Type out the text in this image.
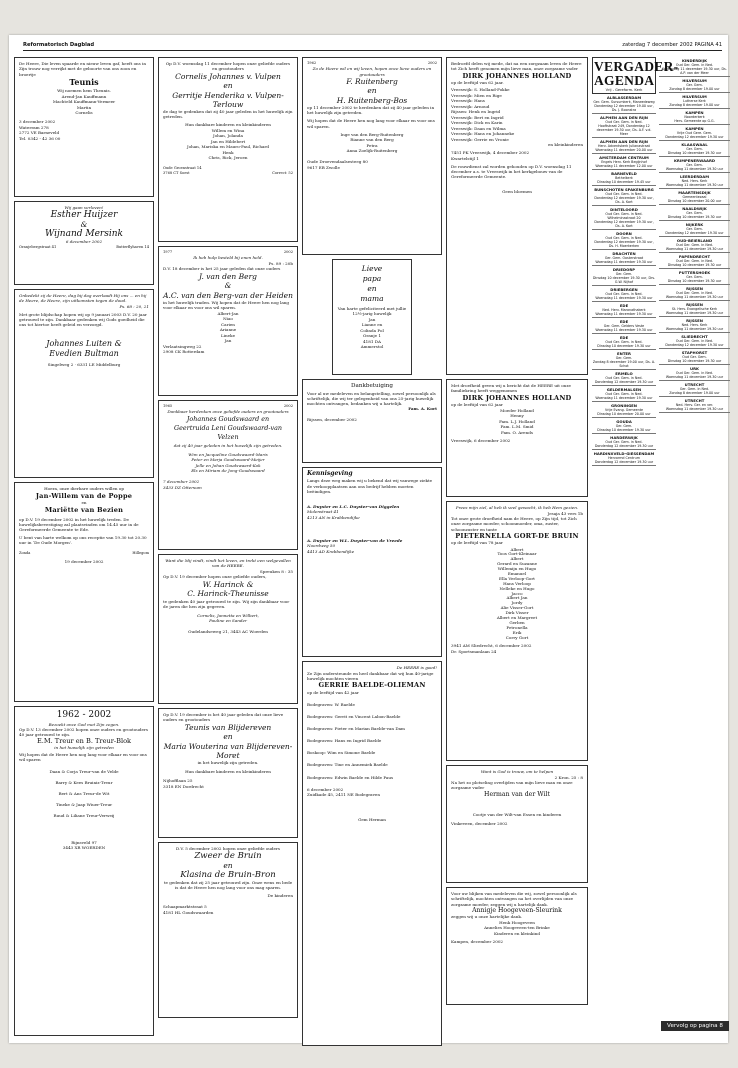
Reformatorisch Dagblad	zaterdag 7 december 2002 PAGINA 41

De Heere, Die leven spaarde en nieuw leven gaf, heeft ons in Zijn trouw nog verrijkt met de geboorte van ons zoon en broertje

Teunis

Wij noemen hem Theunis.

Arend-Jan Kauffmann

Machteld Kauffmann-Vermeer

Martin

Cornelis

3 december 2002

Waterram 278

2772 VE Barneveld

Tel. 0342 - 42 36 00

Wij gaan verloven!

Esther Huijzer

&

Wijnand Mersink

6 december 2002

Oranjebergstraat 41	Butterflyhaven 14

Onbedekt zij de Heere, dag bij dag overlaadt Hij ons ... en hij de Heere, de Heere, zijn uitkomsten tegen de dood.

Ps. 68 : 20, 21

Met grote blijdschap hopen wij op 9 januari 2003 D.V. 20 jaar getrouwd te zijn. Dankbaar gedenken wij Gods goedheid die ons tot hiertoe heeft geleid en verzorgd.

Johannes Luiten &

Evedien Bultman

Singelweg 2 · 6331 LE Middelburg

Hoera, onze dierbare ouders willen op

Jan-Willem van de Poppe

en

Mariëtte van Bezien

op D.V. 19 december 2002 in het huwelijk treden. De huwelijksbevestiging zal plaatsvinden om 14.45 uur in de Gereformeerde Gemeente te Ede.

U bent van harte welkom op ons receptie van 19.30 tot 20.30 uur in ‘De Oude Morgen’.

Zonda	Hillegom

19 december 2002

1962 - 2002

Bezoekt onze God met Zijn zegen.

Op D.V. 13 december 2002 hopen onze ouders en grootouders 40 jaar getrouwd te zijn.

E.M. Treur en B. Treur-Blok

in het huwelijk zijn getreden

Wij hopen dat de Heere hen nog lang voor elkaar en voor ons wil sparen

Daan & Corja Treur-van de Velde

Barry & Kees Bruiniz-Treur

Bert & Ans Treur-de Wit

Tineke & Jaap Wiuer-Treur

Ruud & Liliane Treur-Verweij

Rijnsveld 97

3443 XR WOERDEN

Op D.V. woensdag 11 december hopen onze geliefde ouders en grootouders

Cornelis Johannes v. Vulpen

en

Gerritje Henderika v. Vulpen-Terlouw

de dag te gedenken dat zij 40 jaar geleden in het huwelijk zijn getreden.

Hun dankbare kinderen en kleinkinderen

Willem en Wina

Johan, Jolanda

Jan en Hildebert

Johan, Mariska en Mauro-Paul, Richard

Henk

Chris, Rick, Jeroen

Oude Groenstraat 14
3768 CT Soest	Correct: 52
1977	2002

Ik heb hulp besteld bij enen held.

Ps. 89 : 20b

D.V. 18 december is het 25 jaar geleden dat onze ouders

J. van den Berg

&

A.C. van den Berg-van der Heiden

in het huwelijk traden. Wij hopen dat de Heere hen nog lang voor elkaar en voor ons wil sparen.

Albert-Jan

Niao

Carien

Arianne

Lineke

Jan

Verlaatsingweg 22

2908 CK Rotterdam

1965	2002

Dankbaar herdenken onze geliefde ouders en grootouders

Johannes Goudswaard en

Geertruida Leni Goudswaard-van Velzen

dat zij 40 jaar geleden in het huwelijk zijn getreden.

Wim en Jacqueline Goudswaard-Maris

Peter en Marja Goudswaard-Meijer

Jelle en Johan Goudswaard-Kok

Els en Miriam de Jong-Goudswaard

7 december 2002

3433 DZ Ottersum

Want die Mij vindt, vindt het leven, en trekt een welgevallen van de HEERE.

Spreuken 8 : 35

Op D.V. 19 december hopen onze geliefde ouders,

W. Harinck &

C. Harinck-Theunisse

te gedenken 40 jaar getrouwd te zijn. Wij zijn dankbaar voor de jaren die hen zijn gegeven.

Cornelis, Jannetta en Wilbert,

Pauline en Sander

Oudelandseweg 21, 3443 AC Woerden

Op D.V. 19 december is het 40 jaar geleden dat onze lieve ouders en grootouders

Teunis van Blijdereven

en

Maria Wouterina van Blijdereven-Moret

in het huwelijk zijn getreden.

Hun dankbare kinderen en kleinkinderen

Nijhofflaan 25

3318 EN Dordrecht

D.V. 5 december 2002 hopen onze geliefde ouders

Zweer de Bruin

en

Klasina de Bruin-Bron

te gedenken dat zij 25 jaar getrouwd zijn. Onze wens en bede is dat de Heere hen nog lang voor ons mag sparen.

De kinderen

Schaapmarktstraat 5

4181 HL Goudswaarden

1962	2002

Zo de Heere wil en wij leven, hopen onze lieve ouders en grootouders

F. Ruitenberg

en

H. Ruitenberg-Bos

op 11 december 2002 te herdenken dat zij 40 jaar geleden in het huwelijk zijn getreden.

Wij hopen dat de Heere hen nog lang voor elkaar en voor ons wil sparen.

Inge van den Berg-Ruitenberg

Rianne van den Berg

Petra

Anna Zoelijk-Ruitenberg

Oude Droevendaalsesteeg 80

9617 EB Zwolle

Lieve

papa

en

mama

Van harte gefeliciteerd met jullie 12½-jarig huwelijk

Jan

Lianne en

Colinda Pol

Oranje 1

4181 DA

Ammerstol

Dankbetuiging

Voor al uw medeleven en belangstelling, zowel persoonlijk als schriftelijk, die wij ter gelegenheid van ons 25-jarig huwelijk mochten ontvangen, bedanken wij u hartelijk.

Fam. A. Kort

Rijssen, december 2002

Kennisgeving

Langs deze weg maken wij u bekend dat wij vanwege ziekte de verkoopplaatsen aan ons bedrijf hebben moeten beëindigen.

A. Duyster en L.C. Duyster-van Diggelen

Molenstraat 41

4213 AN in Krabbendijke

A. Duyster en W.L. Duyster-van de Vreede

Noordweg 50

4413 AD Krabbendijke

De HEERE is goed!

Ze Zijn ondersteunde en heel dankbaar dat wij hun 40-jarige huwelijk mochten vieren

GERRIE BAELDE-OLIEMAN

op de leeftijd van 42 jaar

Bodegraven: W. Baelde

Bodegraven: Gerrit en Vincent Labon-Baelde

Bodegraven: Pieter en Marian Baelde-van Dam

Bodegraven: Hans en Ingrid Baelde

Boskoop: Wim en Simone Baelde

Bodegraven: Tine en Annemiek Baelde

Bodegraven: Edwin Baelde en Hilde Paus

6 december 2002

Zuidkade 45, 2411 NE Bodegraven

Gem Herman

Bedroefd delen wij mede, dat na een zorgzaam leven de Heere tot Zich heeft genomen mijn lieve man, onze zorgzame vader

DIRK JOHANNES HOLLAND

op de leeftijd van 62 jaar.

Vreeswijk: S. Holland-Fokke

Vreeswijk: Mien en Rige

Vreeswijk: Hans

Vreeswijk: Arnoud

Rijssen: Henk en Ingrid

Vreeswijk: Bert en Ingrid

Vreeswijk: Dick en Karin

Vreeswijk: Daan en Wilma

Vreeswijk: Hans en Johanneke

Vreeswijk: Gerrie en Vronie

en kleinkinderen

7451 PK Vreeswijk, 4 december 2002

Kwartelstijl 1

De rouwdienst zal worden gehouden op D.V. woensdag 11 december a.s. te Vreeswijk in het kerkgebouw van de Gereformeerde Gemeente.

Geen bloemen

Met droefheid geven wij u bericht dat de HEERE uit onze familiekring heeft weggenomen

DIRK JOHANNES HOLLAND

op de leeftijd van 62 jaar

Moeder Holland

Henny

Fam. L.J. Holland

Fam. L.M. Smid

Fam. O. Arends

Vreeswijk, 6 december 2002

Prees mijn ziel, al heb ik veel gewacht, ik heb Hem gezien.

Jesaja 43 vers 1b

Tot onze grote droefheid nam de Heere, op Zijn tijd, tot Zich onze zorgzame moeder, schoonmoeder, oma, zuster, schoonzuster en tante

PIETERNELLA GORT-DE BRUIN

op de leeftijd van 78 jaar

Albert

Toos Gort-Kleinaar

Albert

Gerard en Suzanne

Willemijn en Hugo

Emanuel

Ella Verloop-Gort

Hans Verloop

Nelleke en Hugo

Jacco

Albert Jan

Jordy

Alie Visser-Gort

Dirk Visser

Albert en Margreet

Gerben

Petronella

Erik

Corry Gort

3941 AM Sliedrecht, 6 december 2002

Dr. Sportsmanlaan 24

Want is God is trouw, om te helpen

2 Kron. 25 : 8

Na het zo plotseling overlijden van mijn lieve man en onze zorgzame vader

Herman van der Wilt

Cootje van der Wilt-van Essen en kinderen

Vinkeveen, december 2002

Voor uw blijken van medeleven die wij, zowel persoonlijk als schriftelijk, mochten ontvangen na het overlijden van onze zorgzame moeder, zeggen wij u hartelijk dank.

Annigje Hoogeveen-Sleurink

zeggen wij u onze hartelijke dank.

Henk Hoogeveen

Annelies Hoogeveen-ten Brinke

Kinderen en kleinkind

Kampen, december 2002

VERGADER-AGENDA
Vrij - Gereform. Kerk
ALBLASSERDAM
Ger. Gem. Sursumkerk, Marwedeweg
Donderdag 12 december 19.00 uur, Ds. J. Boonstra
ALPHEN AAN DEN RIJN
Oud Ger. Gem. in Ned.
Hooftstraat 249, Donderdag 12 december 19.30 uur, Ds. A.F. v.d. Meer
ALPHEN AAN DEN RIJN
Herv. Adventskerk Julianastraat
Woensdag 11 december 20.00 uur
AMSTERDAM CENTRUM
Engels Herv. Kerk Begijnhof
Woensdag 11 december 12.00 uur
BARNEVELD
Bethelkerk
Dinsdag 10 december 19.45 uur
BUNSCHOTEN SPAKENBURG
Oud Ger. Gem. in Ned.
Donderdag 12 december 19.30 uur, Ds. A. Kort
DINTELOORD
Oud Ger. Gem. in Ned. Wilhelminastraat 20
Donderdag 12 december 19.30 uur, Ds. A. Kort
DOORN
Oud Ger. Gem. in Ned.
Donderdag 12 december 19.30 uur, Ds. H. Moerkerken
DRACHTEN
Ger. Gem. Oosterstraat
Woensdag 11 december 19.30 uur
DRIEDORP
Ger. Gem.
Dinsdag 10 december 19.30 uur, Drs. G.W. Nijhof
DRIEBERGEN
Oud Ger. Gem. in Ned.
Woensdag 11 december 19.30 uur
EDE
Ned. Herv. Maranathakerk
Woensdag 11 december 19.30 uur
EDE
Ger. Gem. Gelders Veste
Woensdag 11 december 19.30 uur
EDE
Oud Ger. Gem. in Ned.
Dinsdag 10 december 19.30 uur
ENTER
Ger. Gem.
Zondag 8 december 19.00 uur, Ds. A. Schot
ERMELO
Oud Ger. Gem. in Ned.
Donderdag 12 december 19.30 uur
GELDERMALSEN
Oud Ger. Gem. in Ned.
Woensdag 11 december 19.30 uur
GRONINGEN
Vrije Evang. Gemeente
Dinsdag 10 december 20.00 uur
GOUDA
Ger. Gem.
Dinsdag 10 december 19.30 uur
HARDERWIJK
Oud Ger. Gem. in Ned.
Donderdag 12 december 19.30 uur
HARDINXVELD-GIESSENDAM
Hervormd Centrum
Donderdag 12 december 19.30 uur
KINDERDIJK
Oud Ger. Gem. in Ned.
Woensdag 11 december 19.30 uur, Ds. A.P. van der Meer
HILVERSUM
Ger. Gem.
Zondag 8 december 19.00 uur
HILVERSUM
Lutherse Kerk
Zondag 8 december 19.00 uur
KAMPEN
Noorderkerk
Herv. Gemeente op G.G.
KAMPEN
Vrije Oud Gere. Gem.
Donderdag 12 december 19.30 uur
KLAASWAAL
Ger. Gem.
Dinsdag 10 december 19.30 uur
KRIMPENERWAARD
Ger. Gem.
Woensdag 11 december 19.30 uur
LEERDERDAM
Ned. Herv. Kerk
Woensdag 11 december 19.30 uur
MAARTENSDIJK
Gemeentezaal
Dinsdag 10 december 20.00 uur
NAALDWIJK
Ger. Gem.
Dinsdag 10 december 19.30 uur
NIJKERK
Ger. Gem.
Donderdag 12 december 19.30 uur
OUD-BEIERLAND
Oud Ger. Gem. in Ned.
Woensdag 11 december 19.30 uur
PAPENDRECHT
Oud Ger. Gem. in Ned.
Dinsdag 10 december 19.30 uur
PUTTERSHOEK
Ger. Gem.
Dinsdag 10 december 19.30 uur
RIJSSEN
Oud Ger. Gem. in Ned.
Woensdag 11 december 19.30 uur
RIJSSEN
St. Herv. Evangelische Kerk
Woensdag 11 december 19.30 uur
RIJSSEN
Ned. Herv. Kerk
Woensdag 11 december 19.30 uur
SLIEDRECHT
Oud Ger. Gem. in Ned.
Donderdag 12 december 19.30 uur
STAPHORST
Oud Ger. Gem.
Dinsdag 10 december 19.30 uur
URK
Oud Ger. Gem. in Ned.
Woensdag 11 december 19.30 uur
UTRECHT
Ger. Gem. in Ned.
Zondag 8 december 19.00 uur
UTRECHT
Ned. Herv. Ger. en ver.
Woensdag 11 december 19.30 uur
Vervolg op pagina 8
